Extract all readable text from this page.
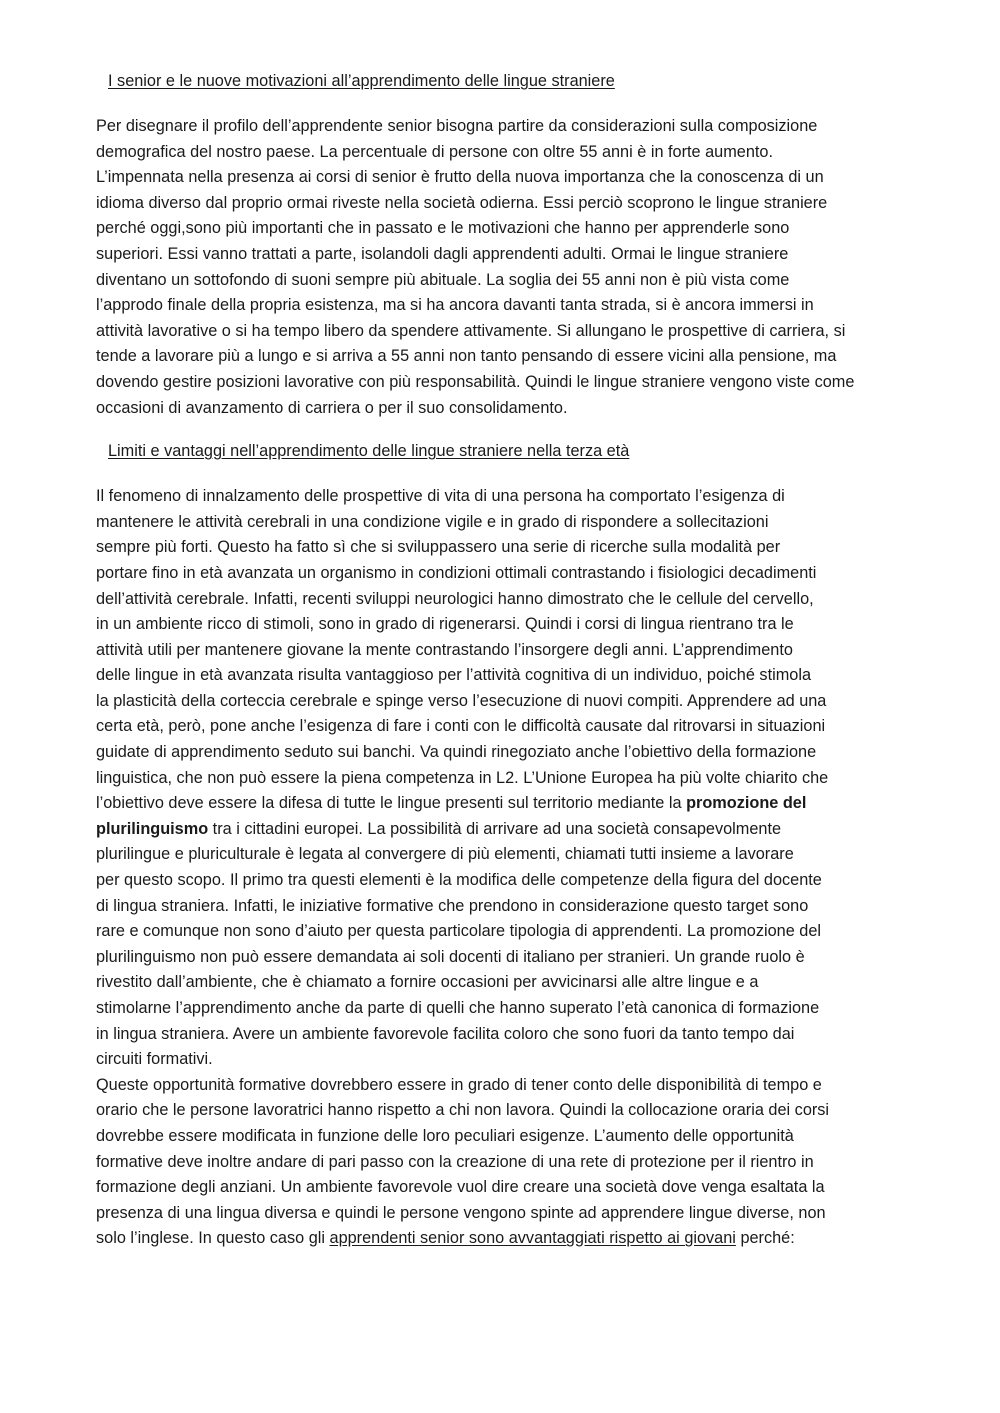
I senior e le nuove motivazioni all’apprendimento delle lingue straniere

Per disegnare il profilo dell’apprendente senior bisogna partire da considerazioni sulla composizione
demografica del nostro paese. La percentuale di persone con oltre 55 anni è in forte aumento.
L’impennata nella presenza ai corsi di senior è frutto della nuova importanza che la conoscenza di un
idioma diverso dal proprio ormai riveste nella società odierna. Essi perciò scoprono le lingue straniere
perché oggi,sono più importanti che in passato e le motivazioni che hanno per apprenderle sono
superiori. Essi vanno trattati a parte, isolandoli dagli apprendenti adulti. Ormai le lingue straniere
diventano un sottofondo di suoni sempre più abituale. La soglia dei 55 anni non è più vista come
l’approdo finale della propria esistenza, ma si ha ancora davanti tanta strada, si è ancora immersi in
attività lavorative o si ha tempo libero da spendere attivamente. Si allungano le prospettive di carriera, si
tende a lavorare più a lungo e si arriva a 55 anni non tanto pensando di essere vicini alla pensione, ma
dovendo gestire posizioni lavorative con più responsabilità. Quindi le lingue straniere vengono viste come
occasioni di avanzamento di carriera o per il suo consolidamento.

Limiti e vantaggi nell’apprendimento delle lingue straniere nella terza età

Il fenomeno di innalzamento delle prospettive di vita di una persona ha comportato l’esigenza di
mantenere le attività cerebrali in una condizione vigile e in grado di rispondere a sollecitazioni
sempre più forti. Questo ha fatto sì che si sviluppassero una serie di ricerche sulla modalità per
portare fino in età avanzata un organismo in condizioni ottimali contrastando i fisiologici decadimenti
dell’attività cerebrale. Infatti, recenti sviluppi neurologici hanno dimostrato che le cellule del cervello,
in un ambiente ricco di stimoli, sono in grado di rigenerarsi. Quindi i corsi di lingua rientrano tra le
attività utili per mantenere giovane la mente contrastando l’insorgere degli anni. L’apprendimento
delle lingue in età avanzata risulta vantaggioso per l’attività cognitiva di un individuo, poiché stimola
la plasticità della corteccia cerebrale e spinge verso l’esecuzione di nuovi compiti. Apprendere ad una
certa età, però, pone anche l’esigenza di fare i conti con le difficoltà causate dal ritrovarsi in situazioni
guidate di apprendimento seduto sui banchi. Va quindi rinegoziato anche l’obiettivo della formazione
linguistica, che non può essere la piena competenza in L2. L’Unione Europea ha più volte chiarito che
l’obiettivo deve essere la difesa di tutte le lingue presenti sul territorio mediante la promozione del
plurilinguismo tra i cittadini europei. La possibilità di arrivare ad una società consapevolmente
plurilingue e pluriculturale è legata al convergere di più elementi, chiamati tutti insieme a lavorare
per questo scopo. Il primo tra questi elementi è la modifica delle competenze della figura del docente
di lingua straniera. Infatti, le iniziative formative che prendono in considerazione questo target sono
rare e comunque non sono d’aiuto per questa particolare tipologia di apprendenti. La promozione del
plurilinguismo non può essere demandata ai soli docenti di italiano per stranieri. Un grande ruolo è
rivestito dall’ambiente, che è chiamato a fornire occasioni per avvicinarsi alle altre lingue e a
stimolarne l’apprendimento anche da parte di quelli che hanno superato l’età canonica di formazione
in lingua straniera. Avere un ambiente favorevole facilita coloro che sono fuori da tanto tempo dai
circuiti formativi.

Queste opportunità formative dovrebbero essere in grado di tener conto delle disponibilità di tempo e
orario che le persone lavoratrici hanno rispetto a chi non lavora. Quindi la collocazione oraria dei corsi
dovrebbe essere modificata in funzione delle loro peculiari esigenze. L’aumento delle opportunità
formative deve inoltre andare di pari passo con la creazione di una rete di protezione per il rientro in
formazione degli anziani. Un ambiente favorevole vuol dire creare una società dove venga esaltata la
presenza di una lingua diversa e quindi le persone vengono spinte ad apprendere lingue diverse, non
solo l’inglese. In questo caso gli apprendenti senior sono avvantaggiati rispetto ai giovani perché:
